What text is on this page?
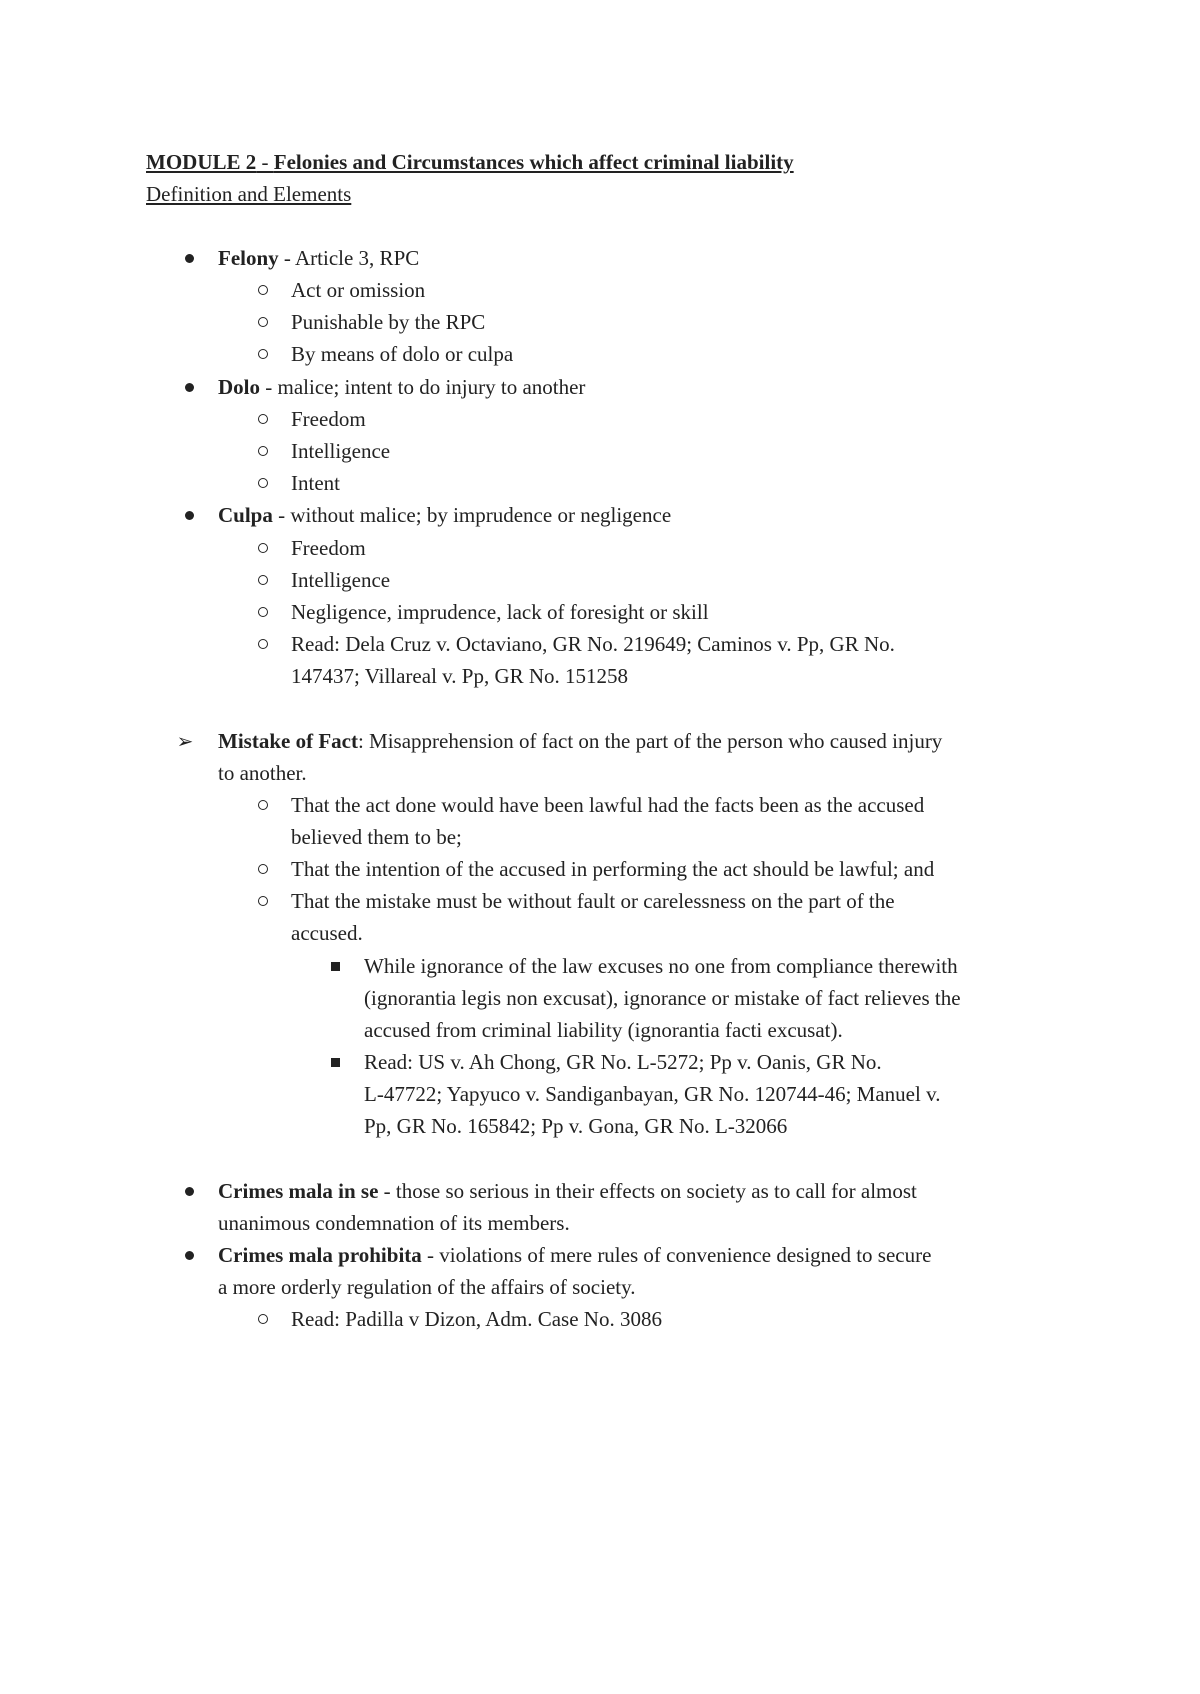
MODULE 2 - Felonies and Circumstances which affect criminal liability
Definition and Elements
Felony - Article 3, RPC
Act or omission
Punishable by the RPC
By means of dolo or culpa
Dolo - malice; intent to do injury to another
Freedom
Intelligence
Intent
Culpa - without malice; by imprudence or negligence
Freedom
Intelligence
Negligence, imprudence, lack of foresight or skill
Read: Dela Cruz v. Octaviano, GR No. 219649; Caminos v. Pp, GR No.
147437; Villareal v. Pp, GR No. 151258
➢	Mistake of Fact: Misapprehension of fact on the part of the person who caused injury
to another.
That the act done would have been lawful had the facts been as the accused
believed them to be;
That the intention of the accused in performing the act should be lawful; and
That the mistake must be without fault or carelessness on the part of the
accused.
While ignorance of the law excuses no one from compliance therewith
(ignorantia legis non excusat), ignorance or mistake of fact relieves the
accused from criminal liability (ignorantia facti excusat).
Read: US v. Ah Chong, GR No. L-5272; Pp v. Oanis, GR No.
L-47722; Yapyuco v. Sandiganbayan, GR No. 120744-46; Manuel v.
Pp, GR No. 165842; Pp v. Gona, GR No. L-32066
Crimes mala in se - those so serious in their effects on society as to call for almost
unanimous condemnation of its members.
Crimes mala prohibita - violations of mere rules of convenience designed to secure
a more orderly regulation of the affairs of society.
Read: Padilla v Dizon, Adm. Case No. 3086
